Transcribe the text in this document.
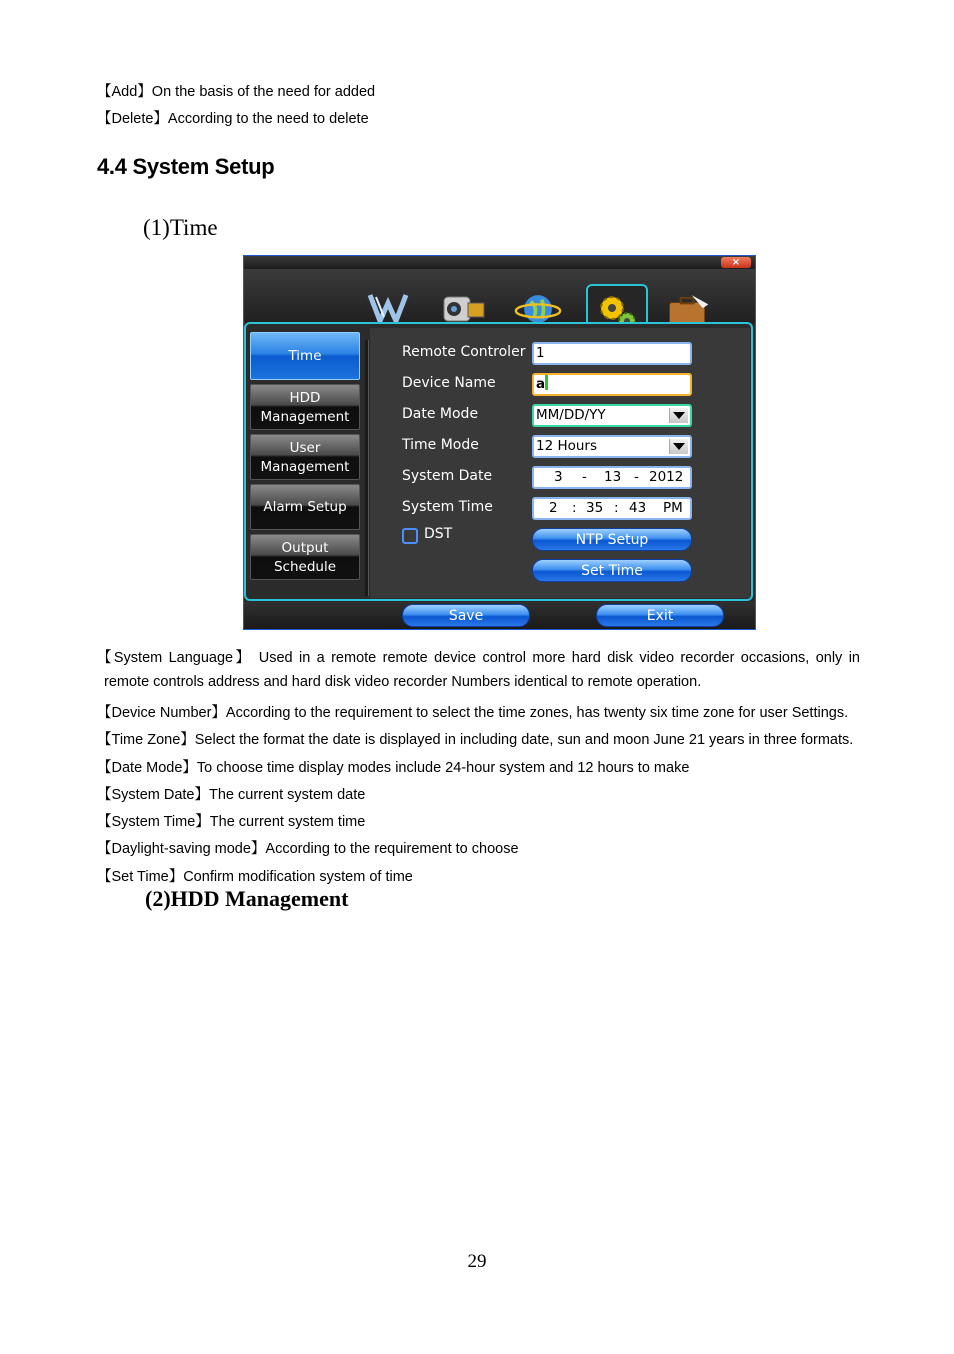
【Add】On the basis of the need for added
【Delete】According to the need to delete
4.4 System Setup
(1)Time
×
Time
HDD
Management
User
Management
Alarm Setup
Output
Schedule
Remote Controler 1
Device Name	a
Date Mode	MM/DD/YY
Time Mode	12 Hours
System Date	3 - 13 - 2012
System Time	2 : 35 : 43 PM
DST	NTP Setup
Set Time
Save	Exit
【System Language】 Used in a remote remote device control more hard disk video recorder occasions, only in
remote controls address and hard disk video recorder Numbers identical to remote operation.
【Device Number】According to the requirement to select the time zones, has twenty six time zone for user Settings.
【Time Zone】Select the format the date is displayed in including date, sun and moon June 21 years in three formats.
【Date Mode】To choose time display modes include 24-hour system and 12 hours to make
【System Date】The current system date
【System Time】The current system time
【Daylight-saving mode】According to the requirement to choose
【Set Time】Confirm modification system of time
(2)HDD Management
29
